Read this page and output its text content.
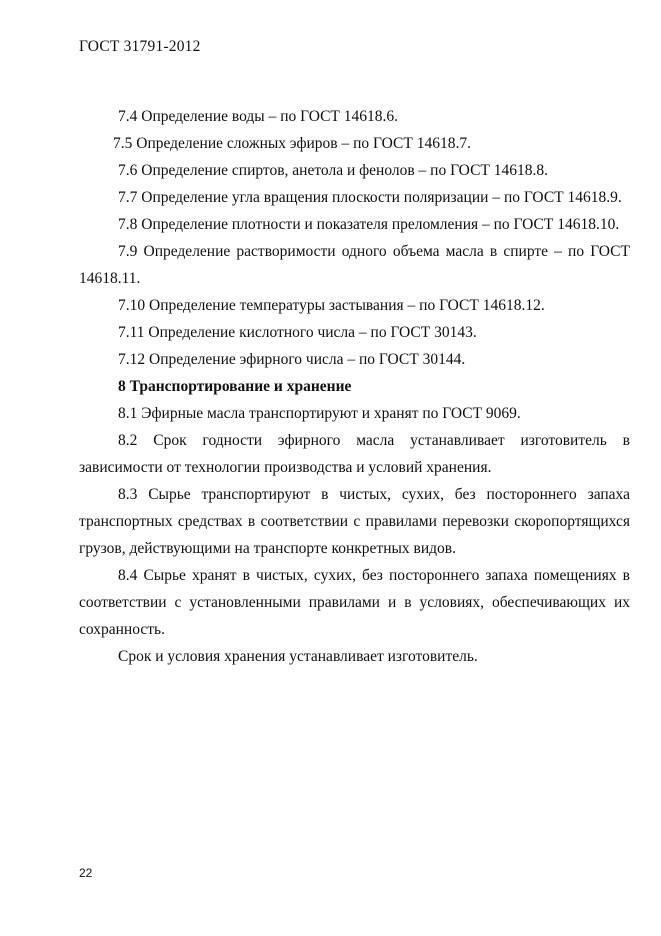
ГОСТ 31791-2012

7.4 Определение воды – по ГОСТ 14618.6.

7.5 Определение сложных эфиров – по ГОСТ 14618.7.

7.6 Определение спиртов, анетола и фенолов – по ГОСТ 14618.8.

7.7 Определение угла вращения плоскости поляризации – по ГОСТ 14618.9.

7.8 Определение плотности и показателя преломления – по ГОСТ 14618.10.

7.9 Определение растворимости одного объема масла в спирте – по ГОСТ 14618.11.

7.10 Определение температуры застывания – по ГОСТ 14618.12.

7.11 Определение кислотного числа – по ГОСТ 30143.

7.12 Определение эфирного числа – по ГОСТ 30144.

8 Транспортирование и хранение

8.1 Эфирные масла транспортируют и хранят по ГОСТ 9069.

8.2 Срок годности эфирного масла устанавливает изготовитель в зависимости от технологии производства и условий хранения.

8.3 Сырье транспортируют в чистых, сухих, без постороннего запаха транспортных средствах в соответствии с правилами перевозки скоропортящихся грузов, действующими на транспорте конкретных видов.

8.4 Сырье хранят в чистых, сухих, без постороннего запаха помещениях в соответствии с установленными правилами и в условиях, обеспечивающих их сохранность.

Срок и условия хранения устанавливает изготовитель.

22
